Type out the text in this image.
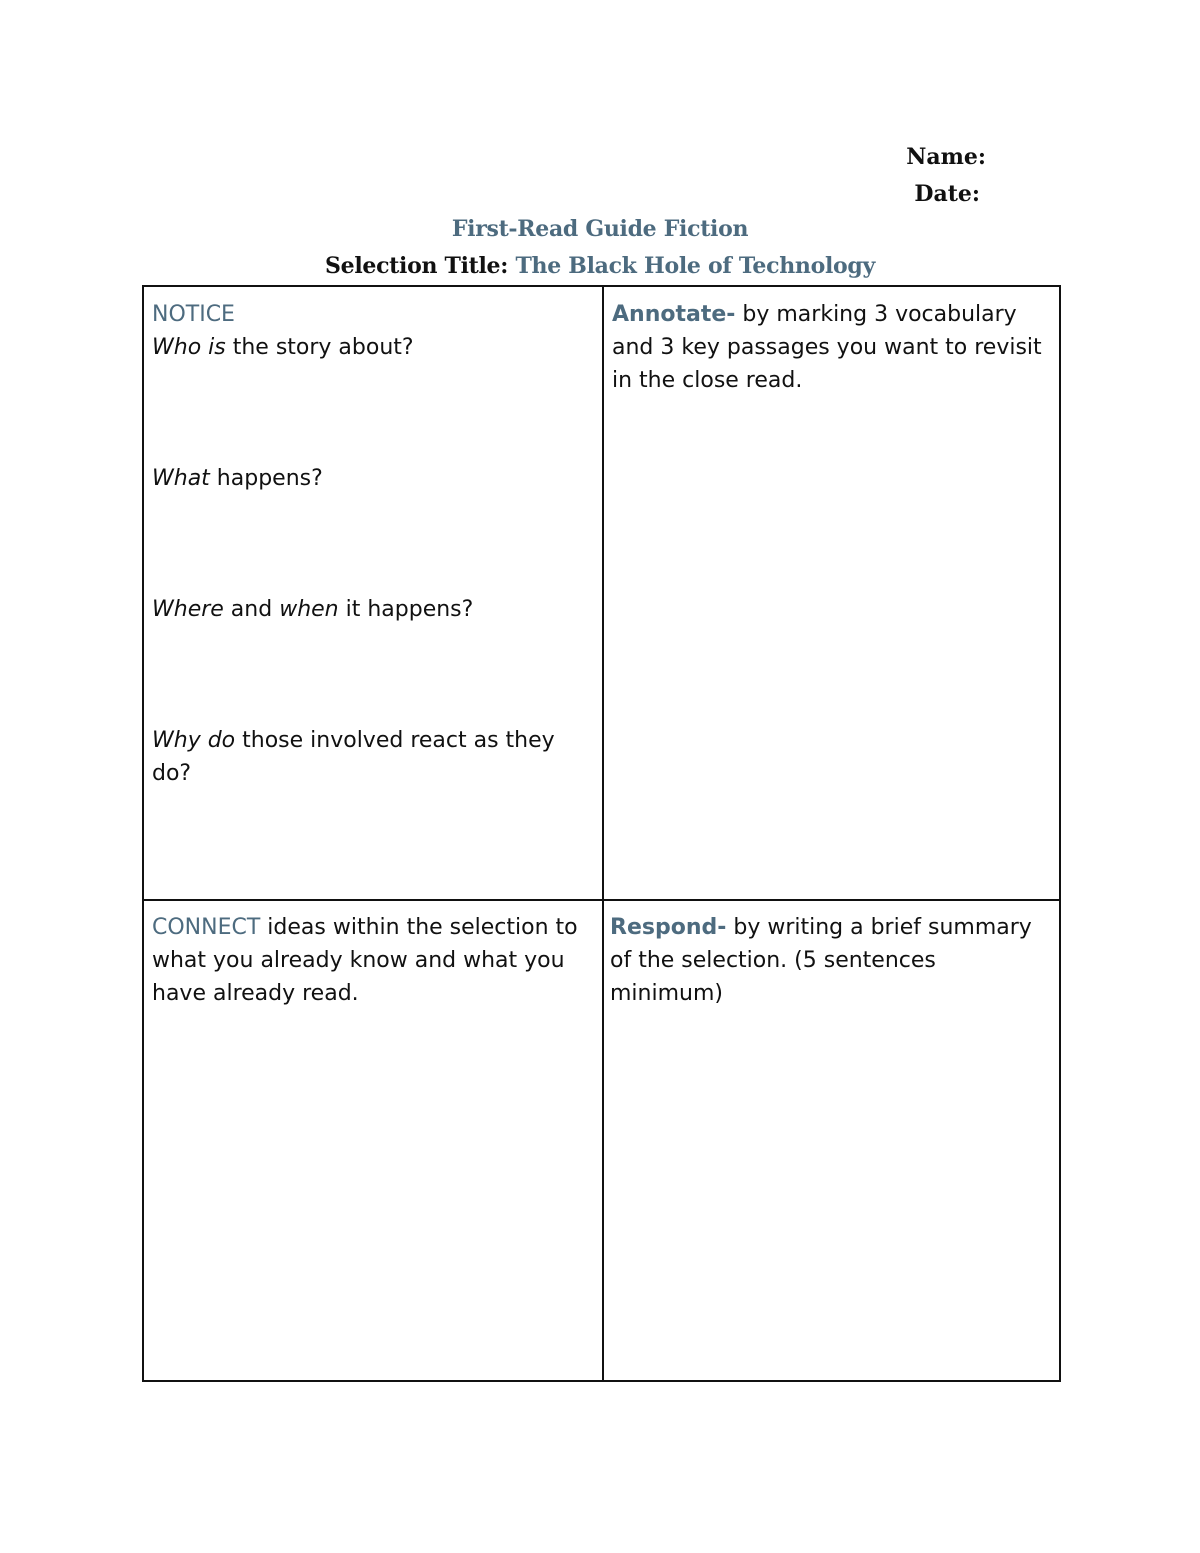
Name:
Date:
First-Read Guide Fiction
Selection Title: The Black Hole of Technology
NOTICE
Who is the story about?
What happens?
Where and when it happens?
Why do those involved react as they do?
Annotate- by marking 3 vocabulary and 3 key passages you want to revisit in the close read.
CONNECT ideas within the selection to what you already know and what you have already read.
Respond- by writing a brief summary of the selection. (5 sentences minimum)
